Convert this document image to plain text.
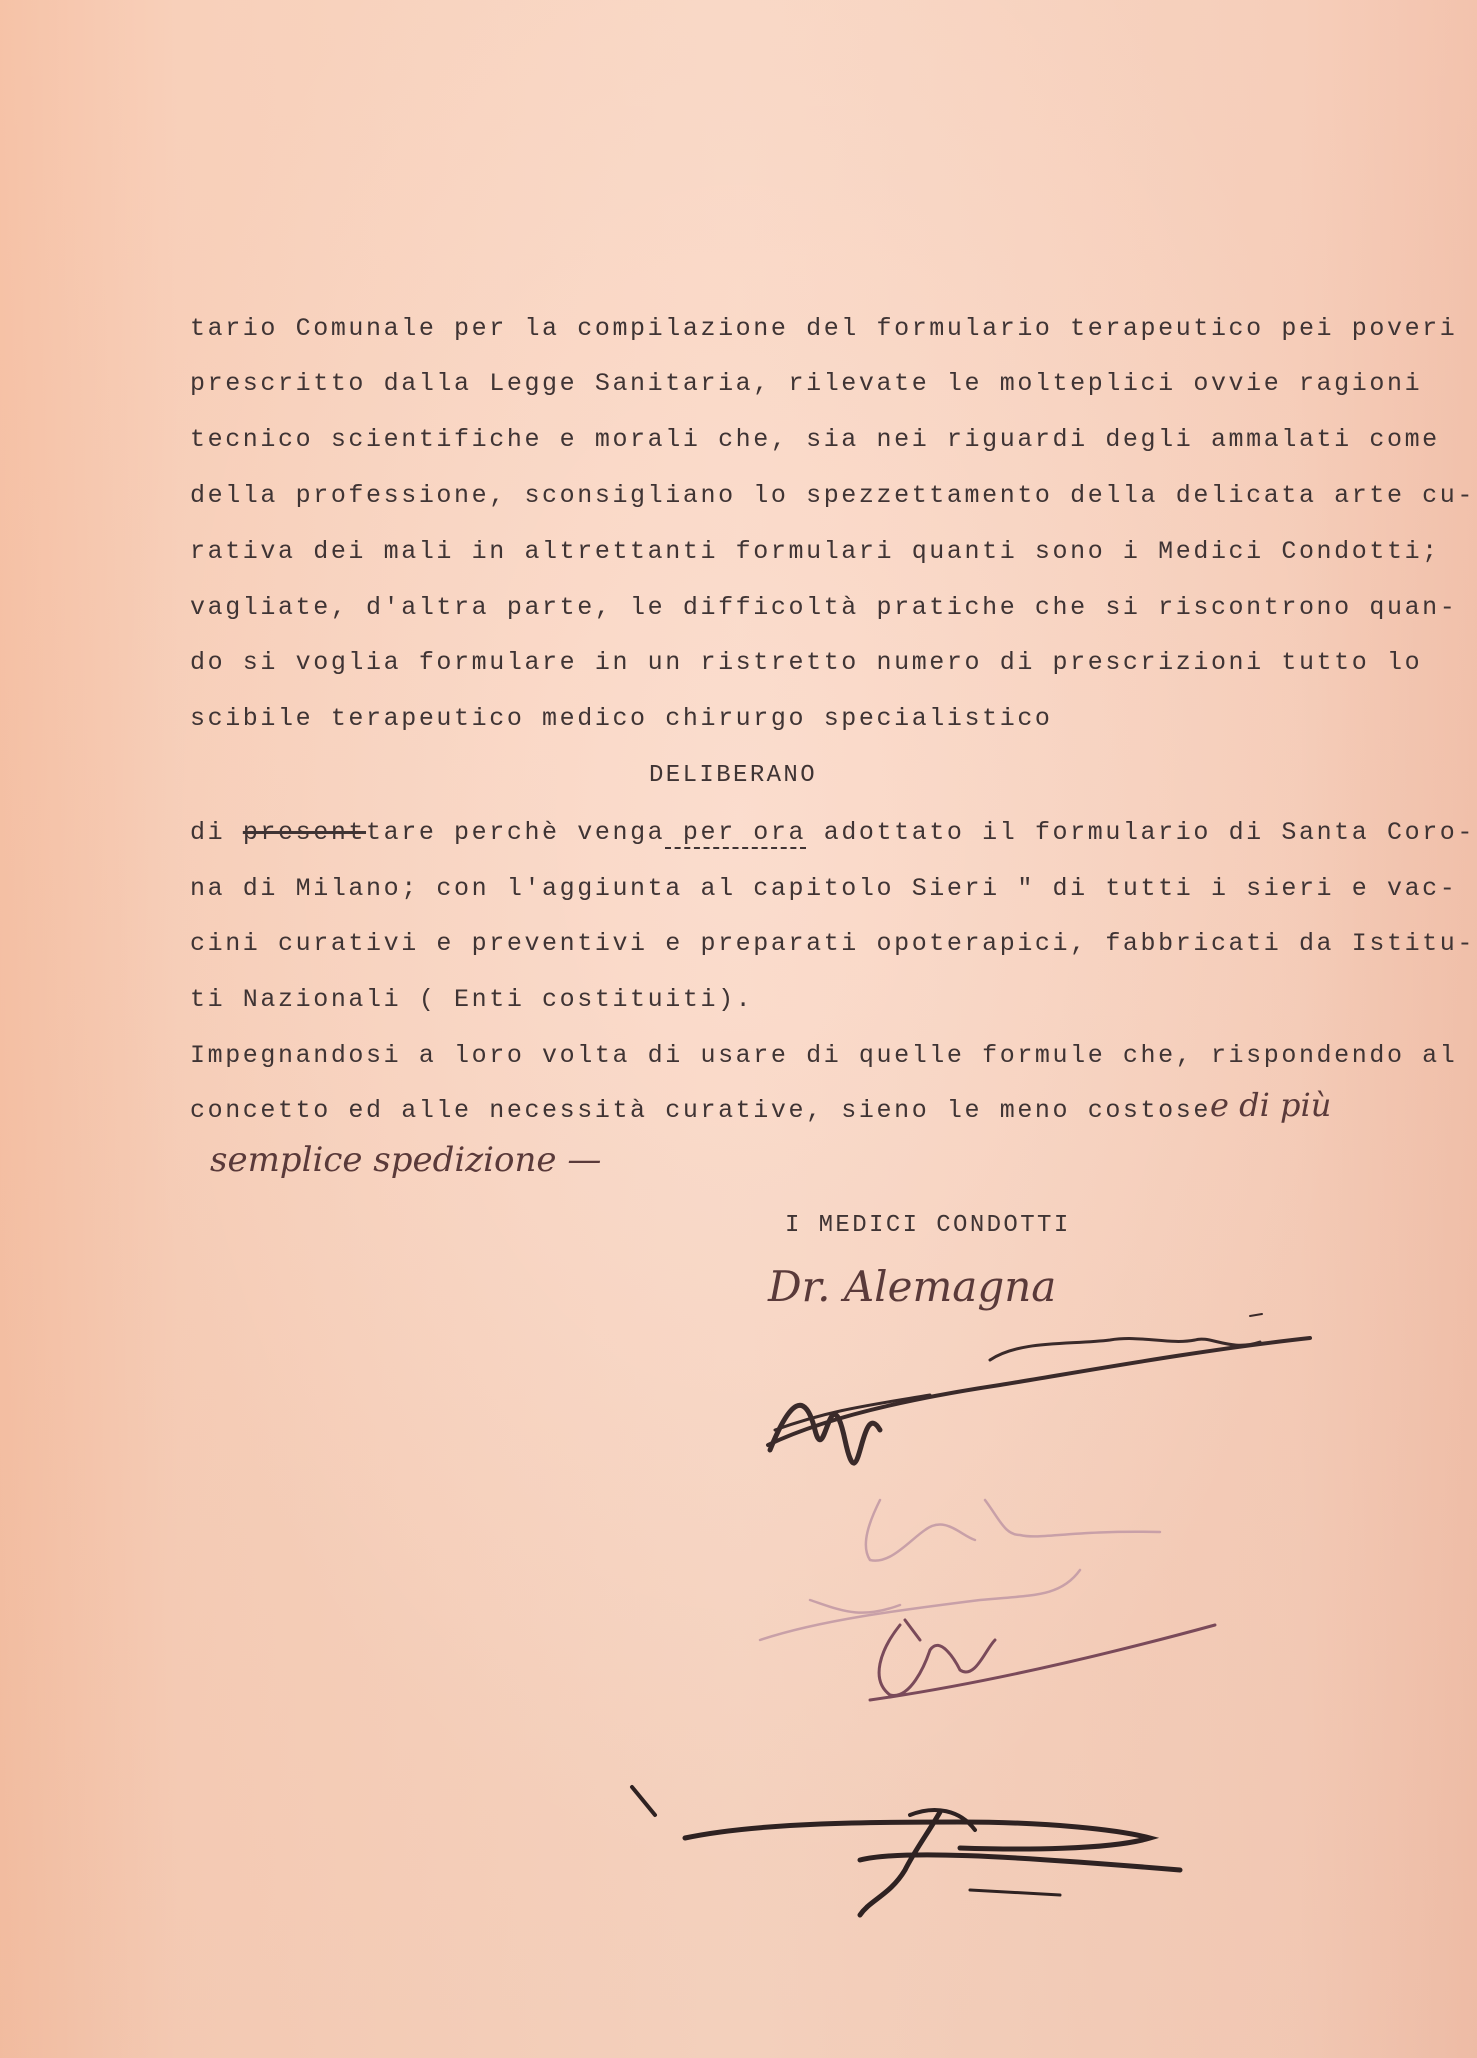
tario Comunale per la compilazione del formulario terapeutico pei poveri
prescritto dalla Legge Sanitaria, rilevate le molteplici ovvie ragioni
tecnico scientifiche e morali che, sia nei riguardi degli ammalati come
della professione, sconsigliano lo spezzettamento della delicata arte cu-
rativa dei mali in altrettanti formulari quanti sono i Medici Condotti;
vagliate, d'altra parte, le difficoltà pratiche che si riscontrono quan-
do si voglia formulare in un ristretto numero di prescrizioni tutto lo
scibile terapeutico medico chirurgo specialistico
DELIBERANO
di presenttare perchè venga per ora adottato il formulario di Santa Coro-
na di Milano; con l'aggiunta al capitolo Sieri " di tutti i sieri e vac-
cini curativi e preventivi e preparati opoterapici, fabbricati da Istitu-
ti Nazionali ( Enti costituiti).
Impegnandosi a loro volta di usare di quelle formule che, rispondendo al
concetto ed alle necessità curative, sieno le meno costose e di più
semplice spedizione —
I MEDICI CONDOTTI
Dr. Alemagna
